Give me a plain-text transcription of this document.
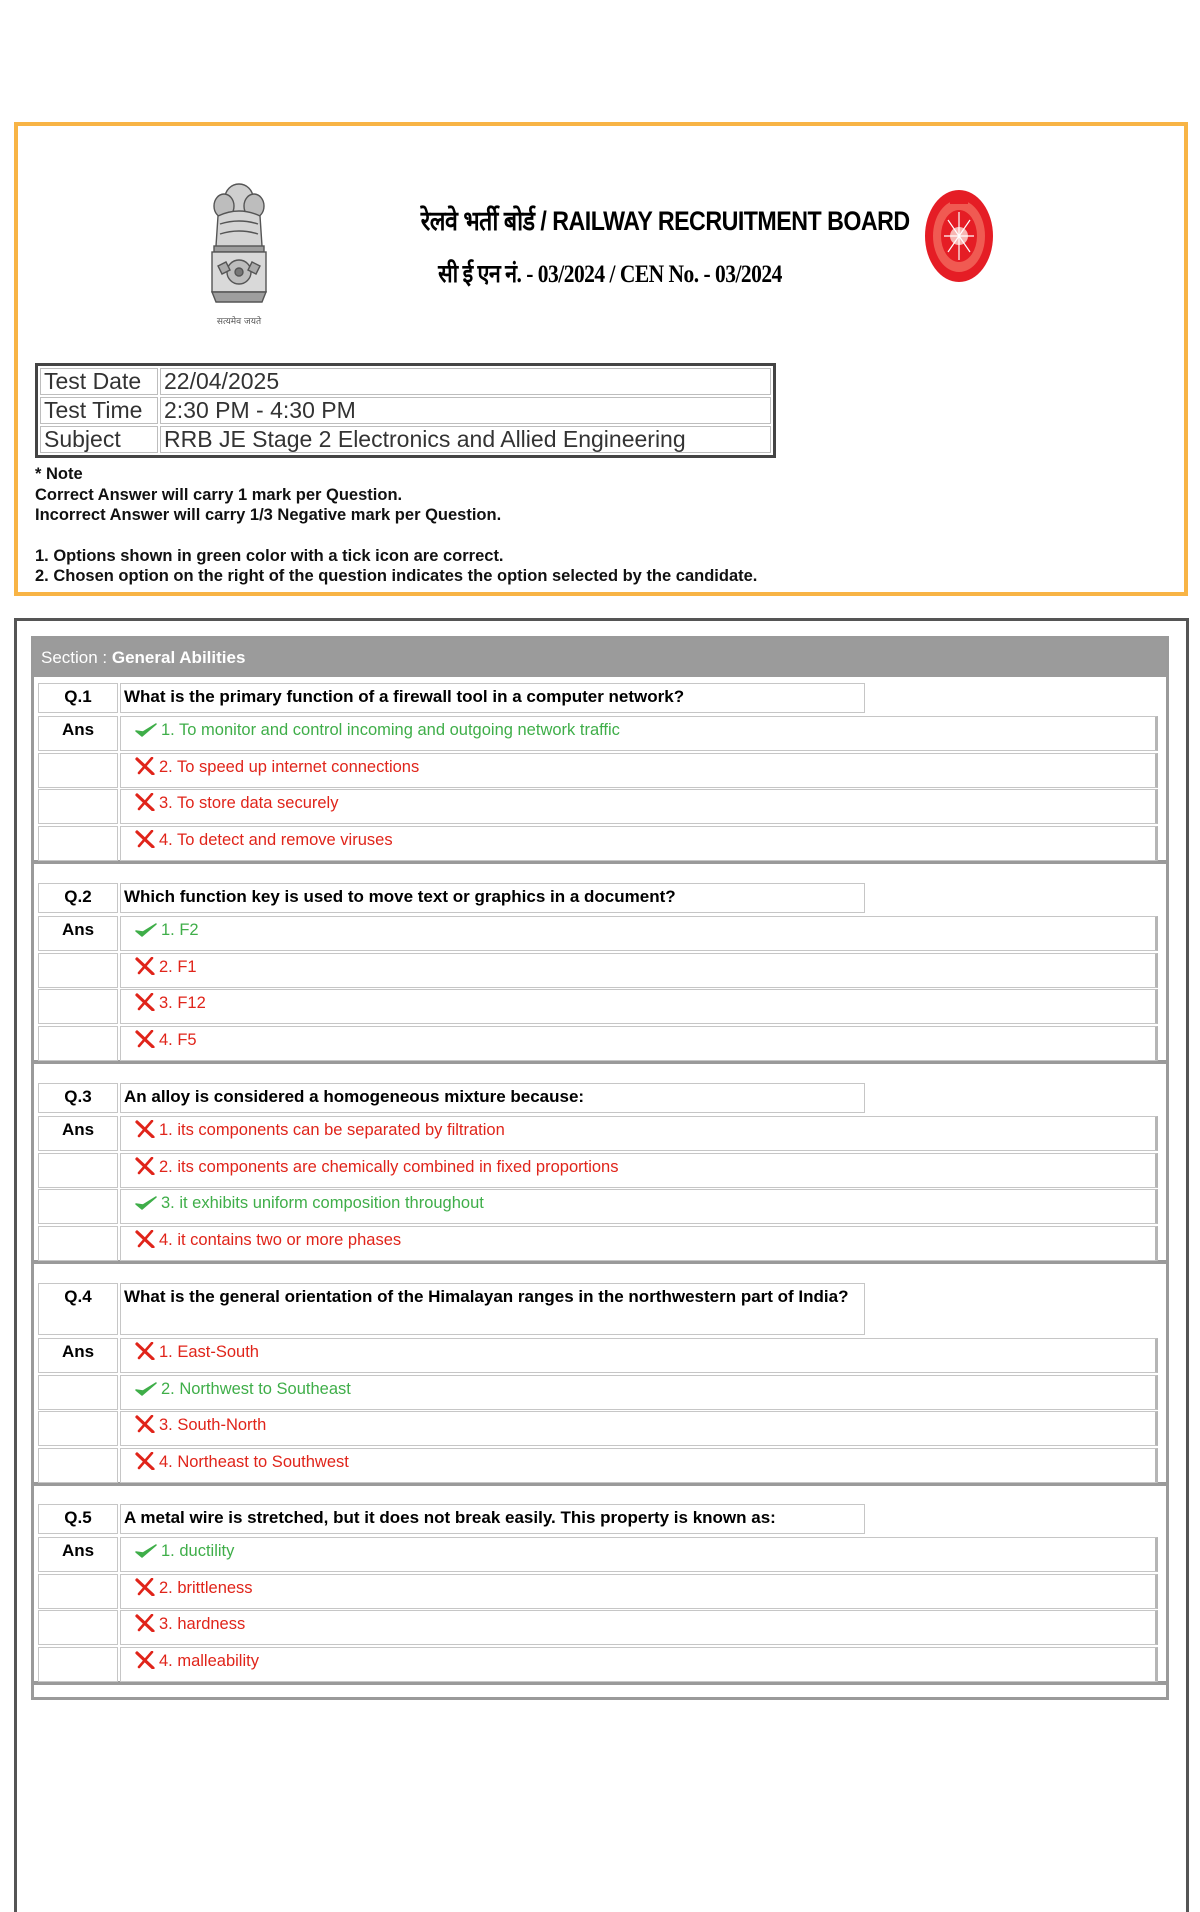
सत्यमेव जयते
रेलवे भर्ती बोर्ड / RAILWAY RECRUITMENT BOARD
सी ई एन नं. - 03/2024 / CEN No. - 03/2024
Test Date	22/04/2025
Test Time	2:30 PM - 4:30 PM
Subject	RRB JE Stage 2 Electronics and Allied Engineering
* Note
Correct Answer will carry 1 mark per Question.
Incorrect Answer will carry 1/3 Negative mark per Question.
1. Options shown in green color with a tick icon are correct.
2. Chosen option on the right of the question indicates the option selected by the candidate.
Section : General Abilities
Q.1	What is the primary function of a firewall tool in a computer network?
Ans	1. To monitor and control incoming and outgoing network traffic
2. To speed up internet connections
3. To store data securely
4. To detect and remove viruses
Q.2	Which function key is used to move text or graphics in a document?
Ans	1. F2
2. F1
3. F12
4. F5
Q.3	An alloy is considered a homogeneous mixture because:
Ans	1. its components can be separated by filtration
2. its components are chemically combined in fixed proportions
3. it exhibits uniform composition throughout
4. it contains two or more phases
Q.4	What is the general orientation of the Himalayan ranges in the northwestern part of India?
Ans	1. East-South
2. Northwest to Southeast
3. South-North
4. Northeast to Southwest
Q.5	A metal wire is stretched, but it does not break easily. This property is known as:
Ans	1. ductility
2. brittleness
3. hardness
4. malleability
